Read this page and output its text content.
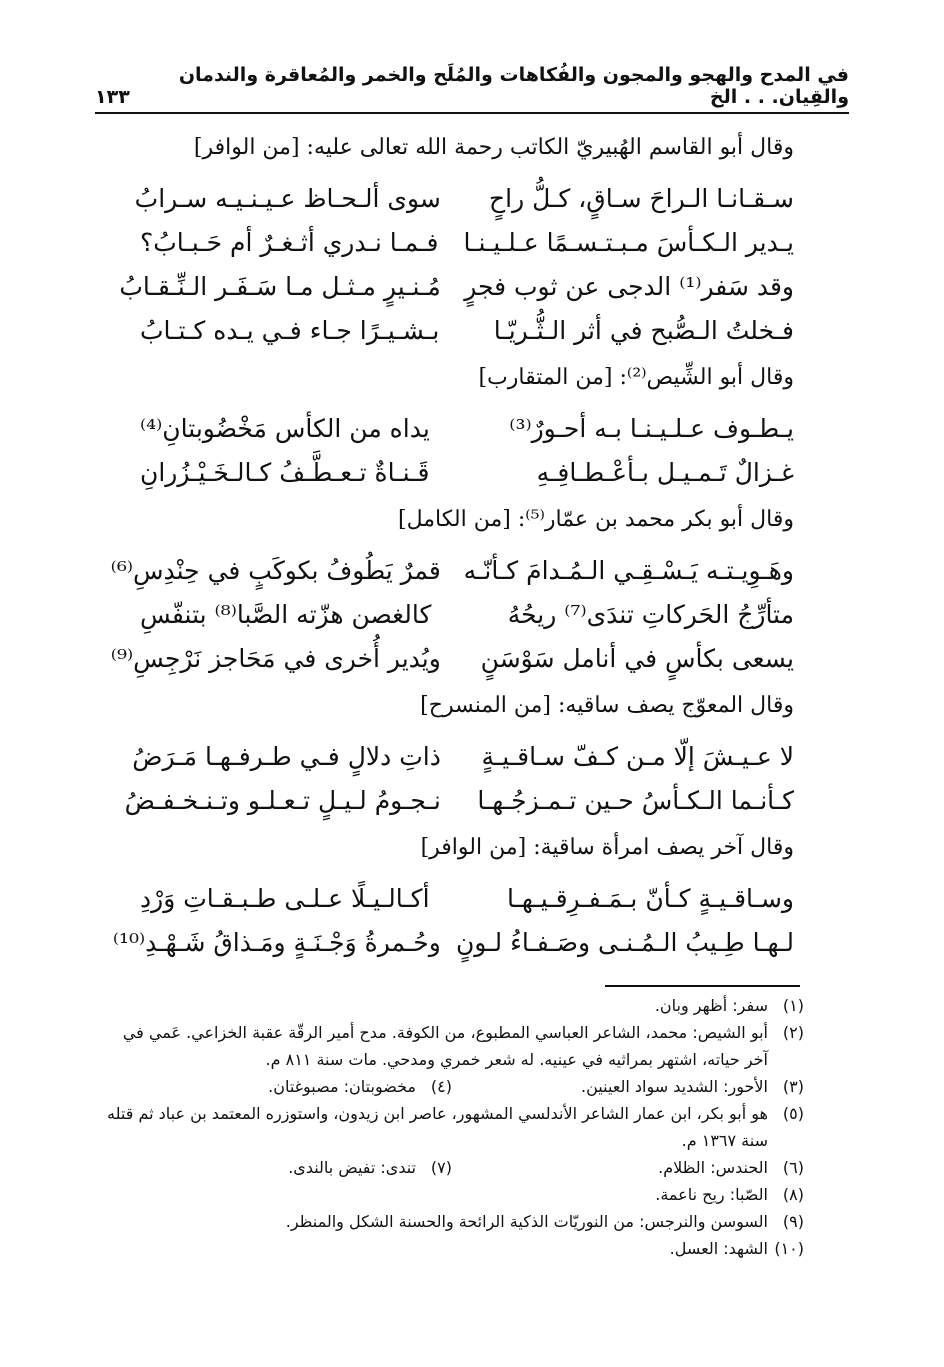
في المدح والهجو والمجون والفُكاهات والمُلَح والخمر والمُعاقرة والندمان والقِيان. . . الخ
١٣٣
وقال أبو القاسم الهُبيريّ الكاتب رحمة الله تعالى عليه: [من الوافر]
سـقـانـا الـراحَ سـاقٍ، كـلُّ راحٍ
سوى ألـحـاظ عـيـنـيـه سـرابُ
يـدير الـكـأسَ مـبـتـسـمًا عـلـيـنـا
فـمـا نـدري أثـغـرٌ أم حَـبـابُ؟
وقد سَفر⁽¹⁾ الدجى عن ثوب فجرٍ
مُـنـيرٍ مـثـل مـا سَـفَـر الـنِّـقـابُ
فـخلتُ الـصُّبح في أثر الـثُّـريّـا
بـشـيـرًا جـاء فـي يـده كـتـابُ
وقال أبو الشِّيص⁽²⁾: [من المتقارب]
يـطـوف عـلـيـنـا بـه أحـورٌ⁽³⁾
يداه من الكأس مَخْضُوبتانِ⁽⁴⁾
غـزالٌ تَـمـيـل بـأعْـطـافِـهِ
قَـنـاةٌ تـعـطَّـفُ كـالـخَـيْـزُرانِ
وقال أبو بكر محمد بن عمّار⁽⁵⁾: [من الكامل]
وهَـوِيـتـه يَـسْـقِـي الـمُـدامَ كـأنّـه
قمرٌ يَطُوفُ بكوكَبٍ في حِنْدِسِ⁽⁶⁾
متأرِّجُ الحَركاتِ تندَى⁽⁷⁾ ريحُهُ
كالغصن هزّته الصَّبا⁽⁸⁾ بتنفّسِ
يسعى بكأسٍ في أنامل سَوْسَنٍ
ويُدير أُخرى في مَحَاجز نَرْجِسِ⁽⁹⁾
وقال المعوّج يصف ساقيه: [من المنسرح]
لا عـيـشَ إلّا مـن كـفّ سـاقـيـةٍ
ذاتِ دلالٍ فـي طـرفـهـا مَـرَضُ
كـأنـما الـكـأسُ حـين تـمـزجُـهـا
نـجـومُ لـيـلٍ تـعـلـو وتـنـخـفـضُ
وقال آخر يصف امرأة ساقية: [من الوافر]
وسـاقـيـةٍ كـأنّ بـمَـفـرِقـيـهـا
أكـالـيـلًا عـلـى طـبـقـاتِ وَرْدِ
لـهـا طِـيبُ الـمُـنـى وصَـفـاءُ لـونٍ
وحُـمرةُ وَجْـنَـةٍ ومَـذاقُ شَـهْـدِ⁽¹⁰⁾
(١)
سفر: أظهر وبان.
(٢)
أبو الشيص: محمد، الشاعر العباسي المطبوع، من الكوفة. مدح أمير الرقّة عقبة الخزاعي. عَمي في آخر حياته، اشتهر بمراثيه في عينيه. له شعر خمري ومدحي. مات سنة ٨١١ م.
(٣)
الأحور: الشديد سواد العينين.
(٤)
مخضوبتان: مصبوغتان.
(٥)
هو أبو بكر، ابن عمار الشاعر الأندلسي المشهور، عاصر ابن زيدون، واستوزره المعتمد بن عباد ثم قتله سنة ١٣٦٧ م.
(٦)
الحندس: الظلام.
(٧)
تندى: تفيض بالندى.
(٨)
الصّبا: ريح ناعمة.
(٩)
السوسن والنرجس: من النوريّات الذكية الرائحة والحسنة الشكل والمنظر.
(١٠)
الشهد: العسل.
